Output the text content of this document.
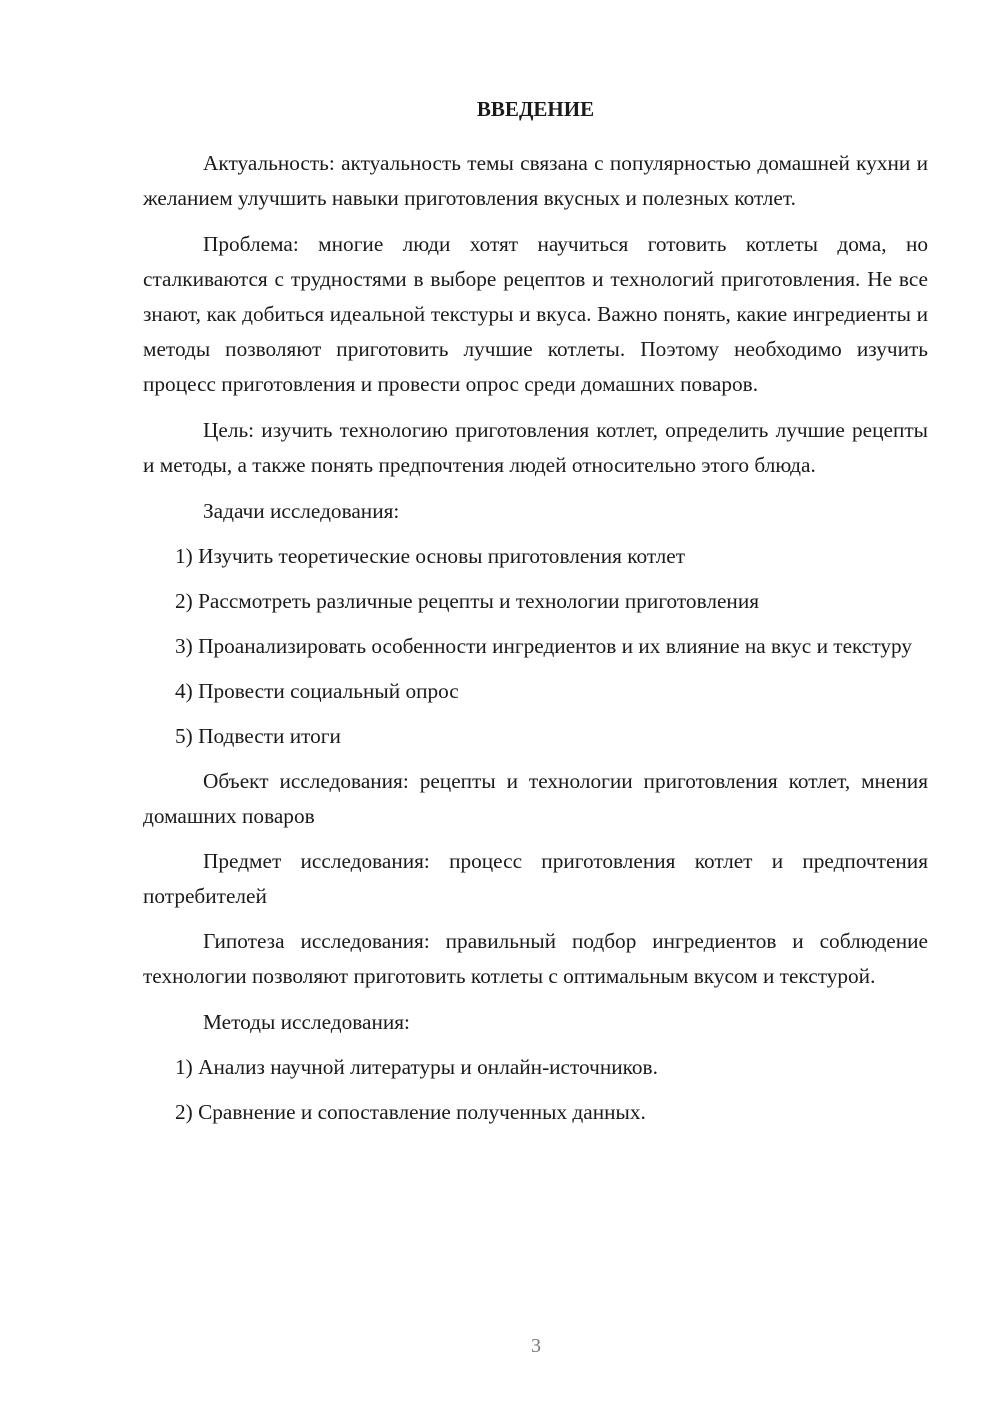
ВВЕДЕНИЕ

Актуальность: актуальность темы связана с популярностью домашней кухни и желанием улучшить навыки приготовления вкусных и полезных котлет.

Проблема: многие люди хотят научиться готовить котлеты дома, но сталкиваются с трудностями в выборе рецептов и технологий приготовления. Не все знают, как добиться идеальной текстуры и вкуса. Важно понять, какие ингредиенты и методы позволяют приготовить лучшие котлеты. Поэтому необходимо изучить процесс приготовления и провести опрос среди домашних поваров.

Цель: изучить технологию приготовления котлет, определить лучшие рецепты и методы, а также понять предпочтения людей относительно этого блюда.

Задачи исследования:

1) Изучить теоретические основы приготовления котлет

2) Рассмотреть различные рецепты и технологии приготовления

3) Проанализировать особенности ингредиентов и их влияние на вкус и текстуру

4) Провести социальный опрос

5) Подвести итоги

Объект исследования: рецепты и технологии приготовления котлет, мнения домашних поваров

Предмет исследования: процесс приготовления котлет и предпочтения потребителей

Гипотеза исследования: правильный подбор ингредиентов и соблюдение технологии позволяют приготовить котлеты с оптимальным вкусом и текстурой.

Методы исследования:

1) Анализ научной литературы и онлайн-источников.

2) Сравнение и сопоставление полученных данных.

3
